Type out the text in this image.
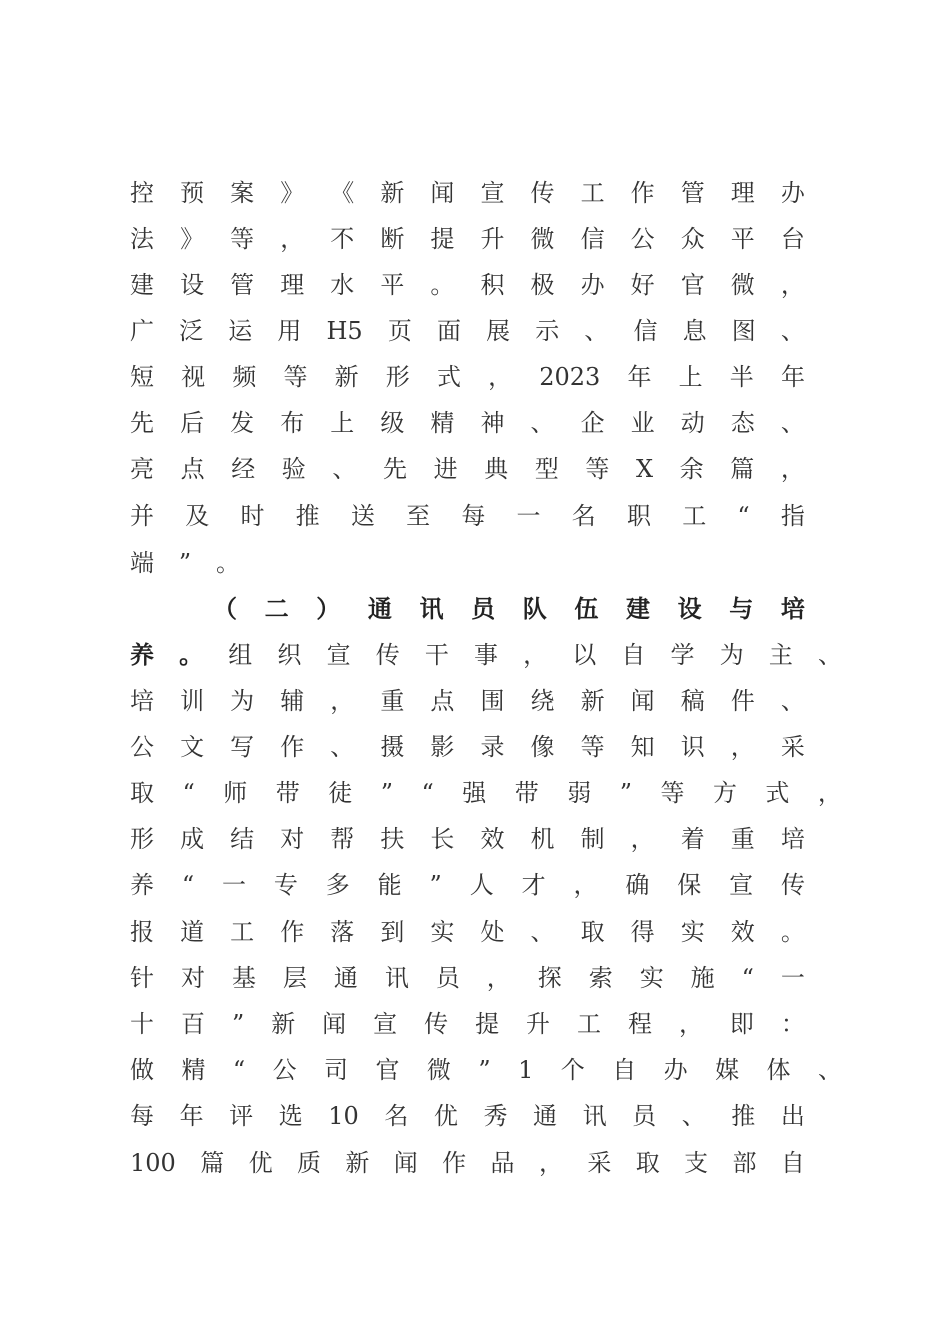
控 预 案 》 《 新 闻 宣 传 工 作 管 理 办
法 》 等 ， 不 断 提 升 微 信 公 众 平 台
建 设 管 理 水 平 。 积 极 办 好 官 微 ，
广 泛 运 用 H5 页 面 展 示 、 信 息 图 、
短 视 频 等 新 形 式 ， 2023 年 上 半 年
先 后 发 布 上 级 精 神 、 企 业 动 态 、
亮 点 经 验 、 先 进 典 型 等 X 余 篇 ，
并 及 时 推 送 至 每 一 名 职 工 “ 指
端 ” 。
（ 二 ） 通 讯 员 队 伍 建 设 与 培
养 。 组 织 宣 传 干 事 ， 以 自 学 为 主 、
培 训 为 辅 ， 重 点 围 绕 新 闻 稿 件 、
公 文 写 作 、 摄 影 录 像 等 知 识 ， 采
取 “ 师 带 徒 ” “ 强 带 弱 ” 等 方 式 ，
形 成 结 对 帮 扶 长 效 机 制 ， 着 重 培
养 “ 一 专 多 能 ” 人 才 ， 确 保 宣 传
报 道 工 作 落 到 实 处 、 取 得 实 效 。
针 对 基 层 通 讯 员 ， 探 索 实 施 “ 一
十 百 ” 新 闻 宣 传 提 升 工 程 ， 即 ：
做 精 “ 公 司 官 微 ” 1 个 自 办 媒 体 、
每 年 评 选 10 名 优 秀 通 讯 员 、 推 出
100 篇 优 质 新 闻 作 品 ， 采 取 支 部 自
